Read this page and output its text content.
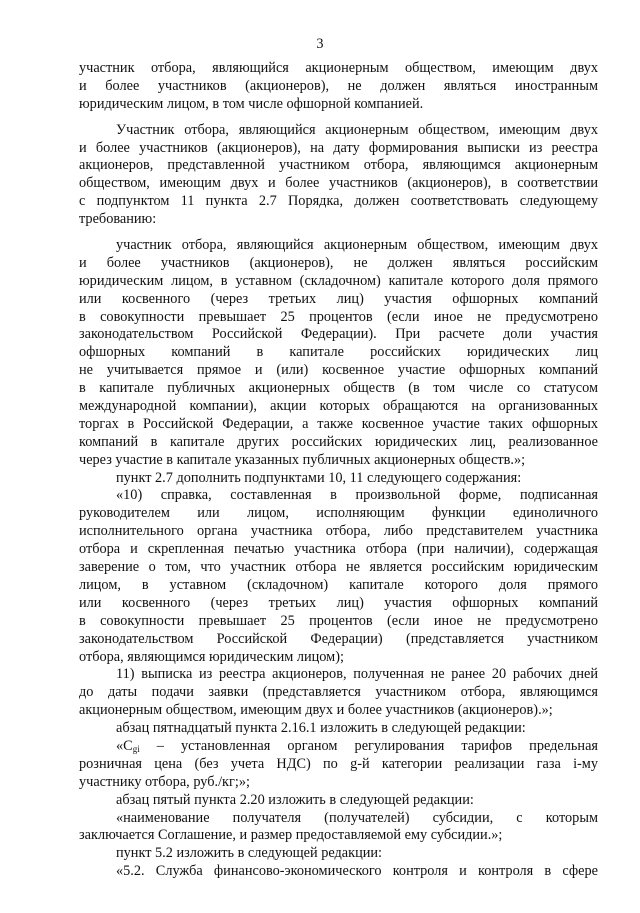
3
участник отбора, являющийся акционерным обществом, имеющим двух
и более участников (акционеров), не должен являться иностранным
юридическим лицом, в том числе офшорной компанией.
Участник отбора, являющийся акционерным обществом, имеющим двух
и более участников (акционеров), на дату формирования выписки из реестра
акционеров, представленной участником отбора, являющимся акционерным
обществом, имеющим двух и более участников (акционеров), в соответствии
с подпунктом 11 пункта 2.7 Порядка, должен соответствовать следующему
требованию:
участник отбора, являющийся акционерным обществом, имеющим двух
и более участников (акционеров), не должен являться российским
юридическим лицом, в уставном (складочном) капитале которого доля прямого
или косвенного (через третьих лиц) участия офшорных компаний
в совокупности превышает 25 процентов (если иное не предусмотрено
законодательством Российской Федерации). При расчете доли участия
офшорных компаний в капитале российских юридических лиц
не учитывается прямое и (или) косвенное участие офшорных компаний
в капитале публичных акционерных обществ (в том числе со статусом
международной компании), акции которых обращаются на организованных
торгах в Российской Федерации, а также косвенное участие таких офшорных
компаний в капитале других российских юридических лиц, реализованное
через участие в капитале указанных публичных акционерных обществ.»;
пункт 2.7 дополнить подпунктами 10, 11 следующего содержания:
«10) справка, составленная в произвольной форме, подписанная
руководителем или лицом, исполняющим функции единоличного
исполнительного органа участника отбора, либо представителем участника
отбора и скрепленная печатью участника отбора (при наличии), содержащая
заверение о том, что участник отбора не является российским юридическим
лицом, в уставном (складочном) капитале которого доля прямого
или косвенного (через третьих лиц) участия офшорных компаний
в совокупности превышает 25 процентов (если иное не предусмотрено
законодательством Российской Федерации) (представляется участником
отбора, являющимся юридическим лицом);
11) выписка из реестра акционеров, полученная не ранее 20 рабочих дней
до даты подачи заявки (представляется участником отбора, являющимся
акционерным обществом, имеющим двух и более участников (акционеров).»;
абзац пятнадцатый пункта 2.16.1 изложить в следующей редакции:
«$C_{gi}$ – установленная органом регулирования тарифов предельная
розничная цена (без учета НДС) по g-й категории реализации газа i-му
участнику отбора, руб./кг;»;
абзац пятый пункта 2.20 изложить в следующей редакции:
«наименование получателя (получателей) субсидии, с которым
заключается Соглашение, и размер предоставляемой ему субсидии.»;
пункт 5.2 изложить в следующей редакции:
«5.2. Служба финансово-экономического контроля и контроля в сфере
